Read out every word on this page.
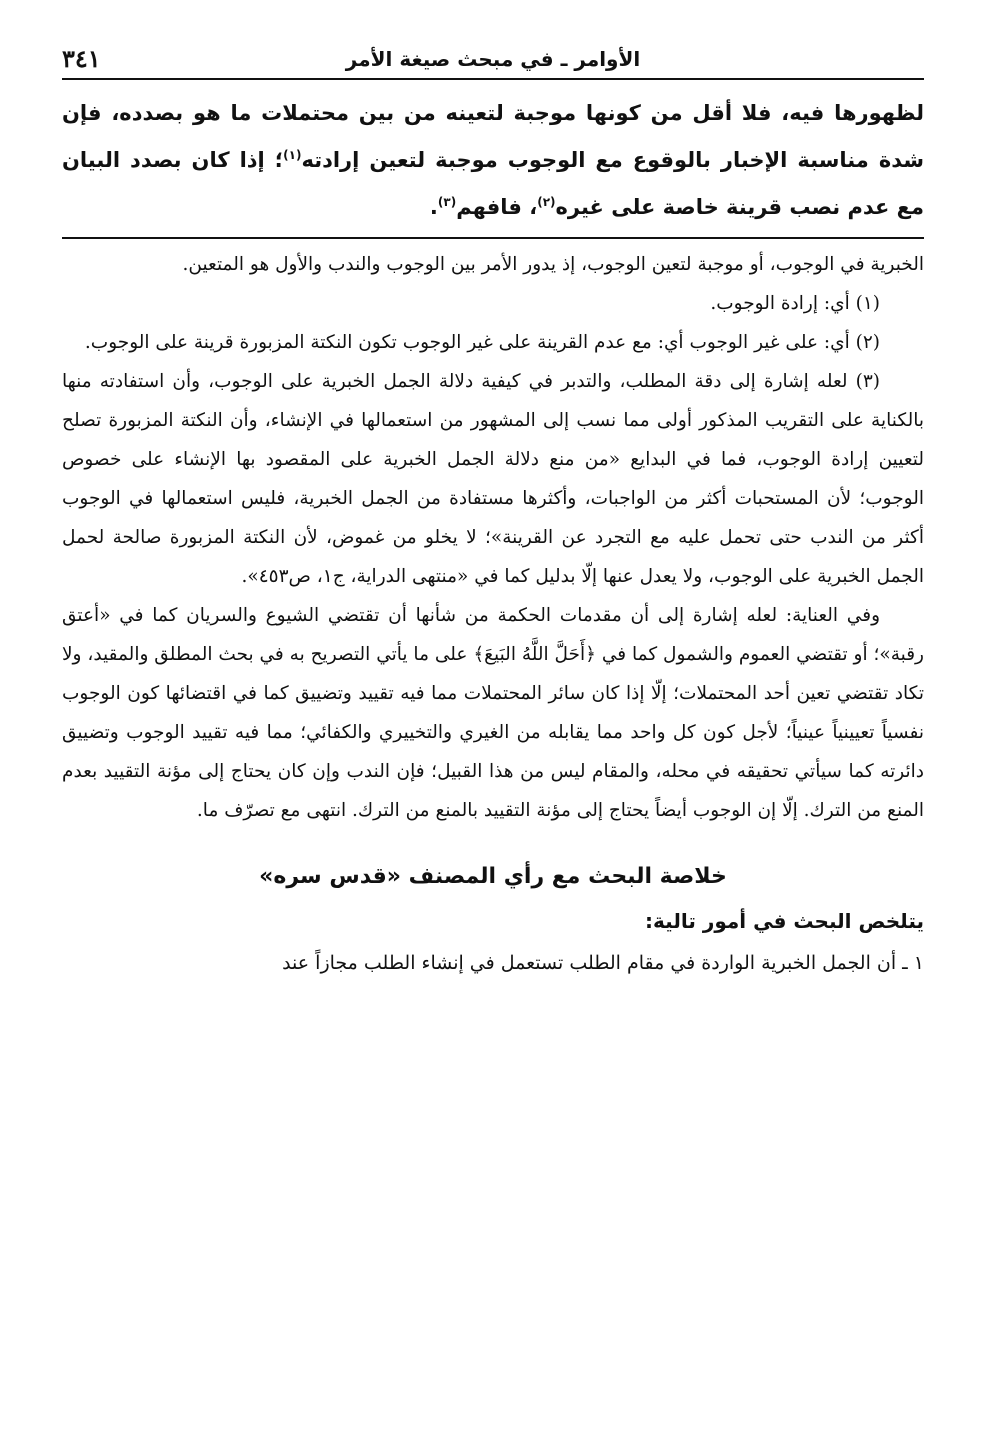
الأوامر ـ في مبحث صيغة الأمر
٣٤١
لظهورها فيه، فلا أقل من كونها موجبة لتعينه من بين محتملات ما هو بصدده، فإن شدة مناسبة الإخبار بالوقوع مع الوجوب موجبة لتعين إرادته$^{(١)}$؛ إذا كان بصدد البيان مع عدم نصب قرينة خاصة على غيره$^{(٢)}$، فافهم$^{(٣)}$.

الخبرية في الوجوب، أو موجبة لتعين الوجوب، إذ يدور الأمر بين الوجوب والندب والأول هو المتعين.

(١) أي: إرادة الوجوب.

(٢) أي: على غير الوجوب أي: مع عدم القرينة على غير الوجوب تكون النكتة المزبورة قرينة على الوجوب.

(٣) لعله إشارة إلى دقة المطلب، والتدبر في كيفية دلالة الجمل الخبرية على الوجوب، وأن استفادته منها بالكناية على التقريب المذكور أولى مما نسب إلى المشهور من استعمالها في الإنشاء، وأن النكتة المزبورة تصلح لتعيين إرادة الوجوب، فما في البدايع «من منع دلالة الجمل الخبرية على المقصود بها الإنشاء على خصوص الوجوب؛ لأن المستحبات أكثر من الواجبات، وأكثرها مستفادة من الجمل الخبرية، فليس استعمالها في الوجوب أكثر من الندب حتى تحمل عليه مع التجرد عن القرينة»؛ لا يخلو من غموض، لأن النكتة المزبورة صالحة لحمل الجمل الخبرية على الوجوب، ولا يعدل عنها إلّا بدليل كما في «منتهى الدراية، ج١، ص٤٥٣».

وفي العناية: لعله إشارة إلى أن مقدمات الحكمة من شأنها أن تقتضي الشيوع والسريان كما في «أعتق رقبة»؛ أو تقتضي العموم والشمول كما في ﴿أَحَلَّ اللَّهُ البَيعَ﴾ على ما يأتي التصريح به في بحث المطلق والمقيد، ولا تكاد تقتضي تعين أحد المحتملات؛ إلّا إذا كان سائر المحتملات مما فيه تقييد وتضييق كما في اقتضائها كون الوجوب نفسياً تعيينياً عينياً؛ لأجل كون كل واحد مما يقابله من الغيري والتخييري والكفائي؛ مما فيه تقييد الوجوب وتضييق دائرته كما سيأتي تحقيقه في محله، والمقام ليس من هذا القبيل؛ فإن الندب وإن كان يحتاج إلى مؤنة التقييد بعدم المنع من الترك. إلّا إن الوجوب أيضاً يحتاج إلى مؤنة التقييد بالمنع من الترك. انتهى مع تصرّف ما.

خلاصة البحث مع رأي المصنف «قدس سره»

يتلخص البحث في أمور تالية:

١ ـ أن الجمل الخبرية الواردة في مقام الطلب تستعمل في إنشاء الطلب مجازاً عند
